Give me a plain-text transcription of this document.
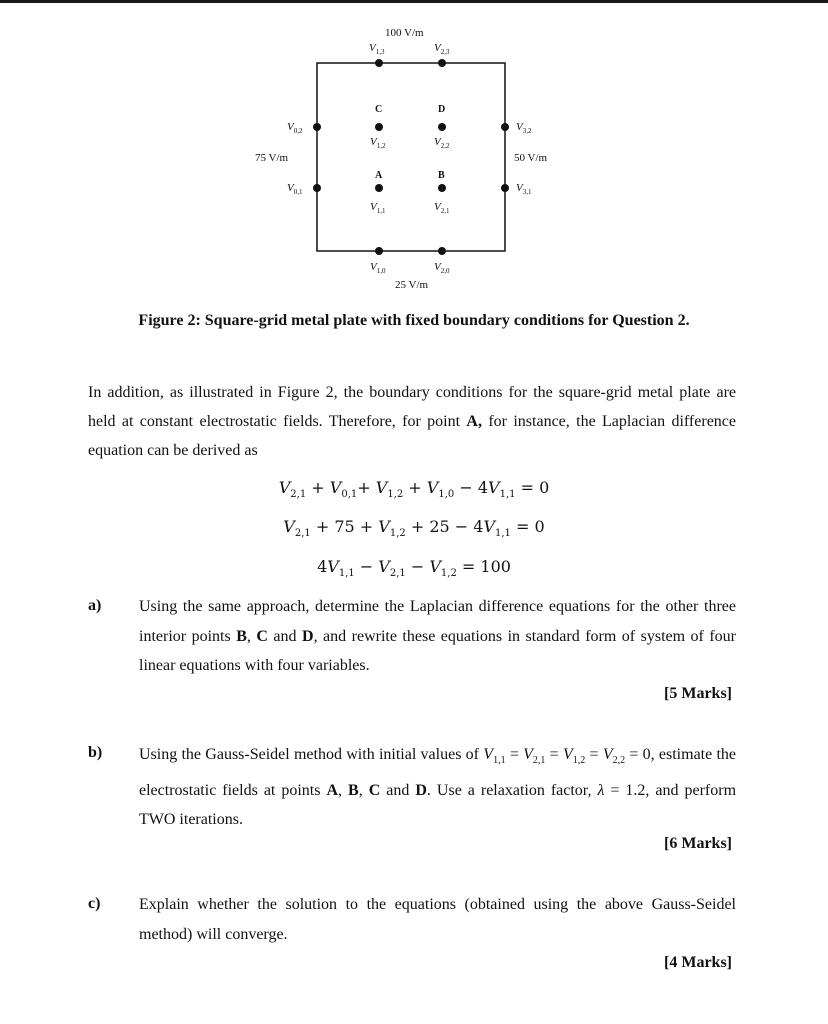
100 V/m
25 V/m
75 V/m	50 V/m
$V_{1,3}$	$V_{2,3}$
$V_{1,0}$	$V_{2,0}$
$V_{0,2}$
$V_{0,1}$
$V_{3,2}$
$V_{3,1}$
$V_{1,2}$	$V_{2,2}$
$V_{1,1}$	$V_{2,1}$
C	D
A	B
Figure 2: Square-grid metal plate with fixed boundary conditions for Question 2.
In addition, as illustrated in Figure 2, the boundary conditions for the square-grid metal plate are held at constant electrostatic fields. Therefore, for point A, for instance, the Laplacian difference equation can be derived as
$V_{2,1} + V_{0,1}+ V_{1,2} + V_{1,0} - 4V_{1,1} = 0$
$V_{2,1} + 75 + V_{1,2} + 25 - 4V_{1,1} = 0$
$4V_{1,1} - V_{2,1} - V_{1,2} = 100$
a) Using the same approach, determine the Laplacian difference equations for the other three interior points B, C and D, and rewrite these equations in standard form of system of four linear equations with four variables.
[5 Marks]
b) Using the Gauss-Seidel method with initial values of $V_{1,1} = V_{2,1} = V_{1,2} = V_{2,2} = 0$, estimate the electrostatic fields at points A, B, C and D. Use a relaxation factor, λ = 1.2, and perform TWO iterations.
[6 Marks]
c) Explain whether the solution to the equations (obtained using the above Gauss-Seidel method) will converge.
[4 Marks]
